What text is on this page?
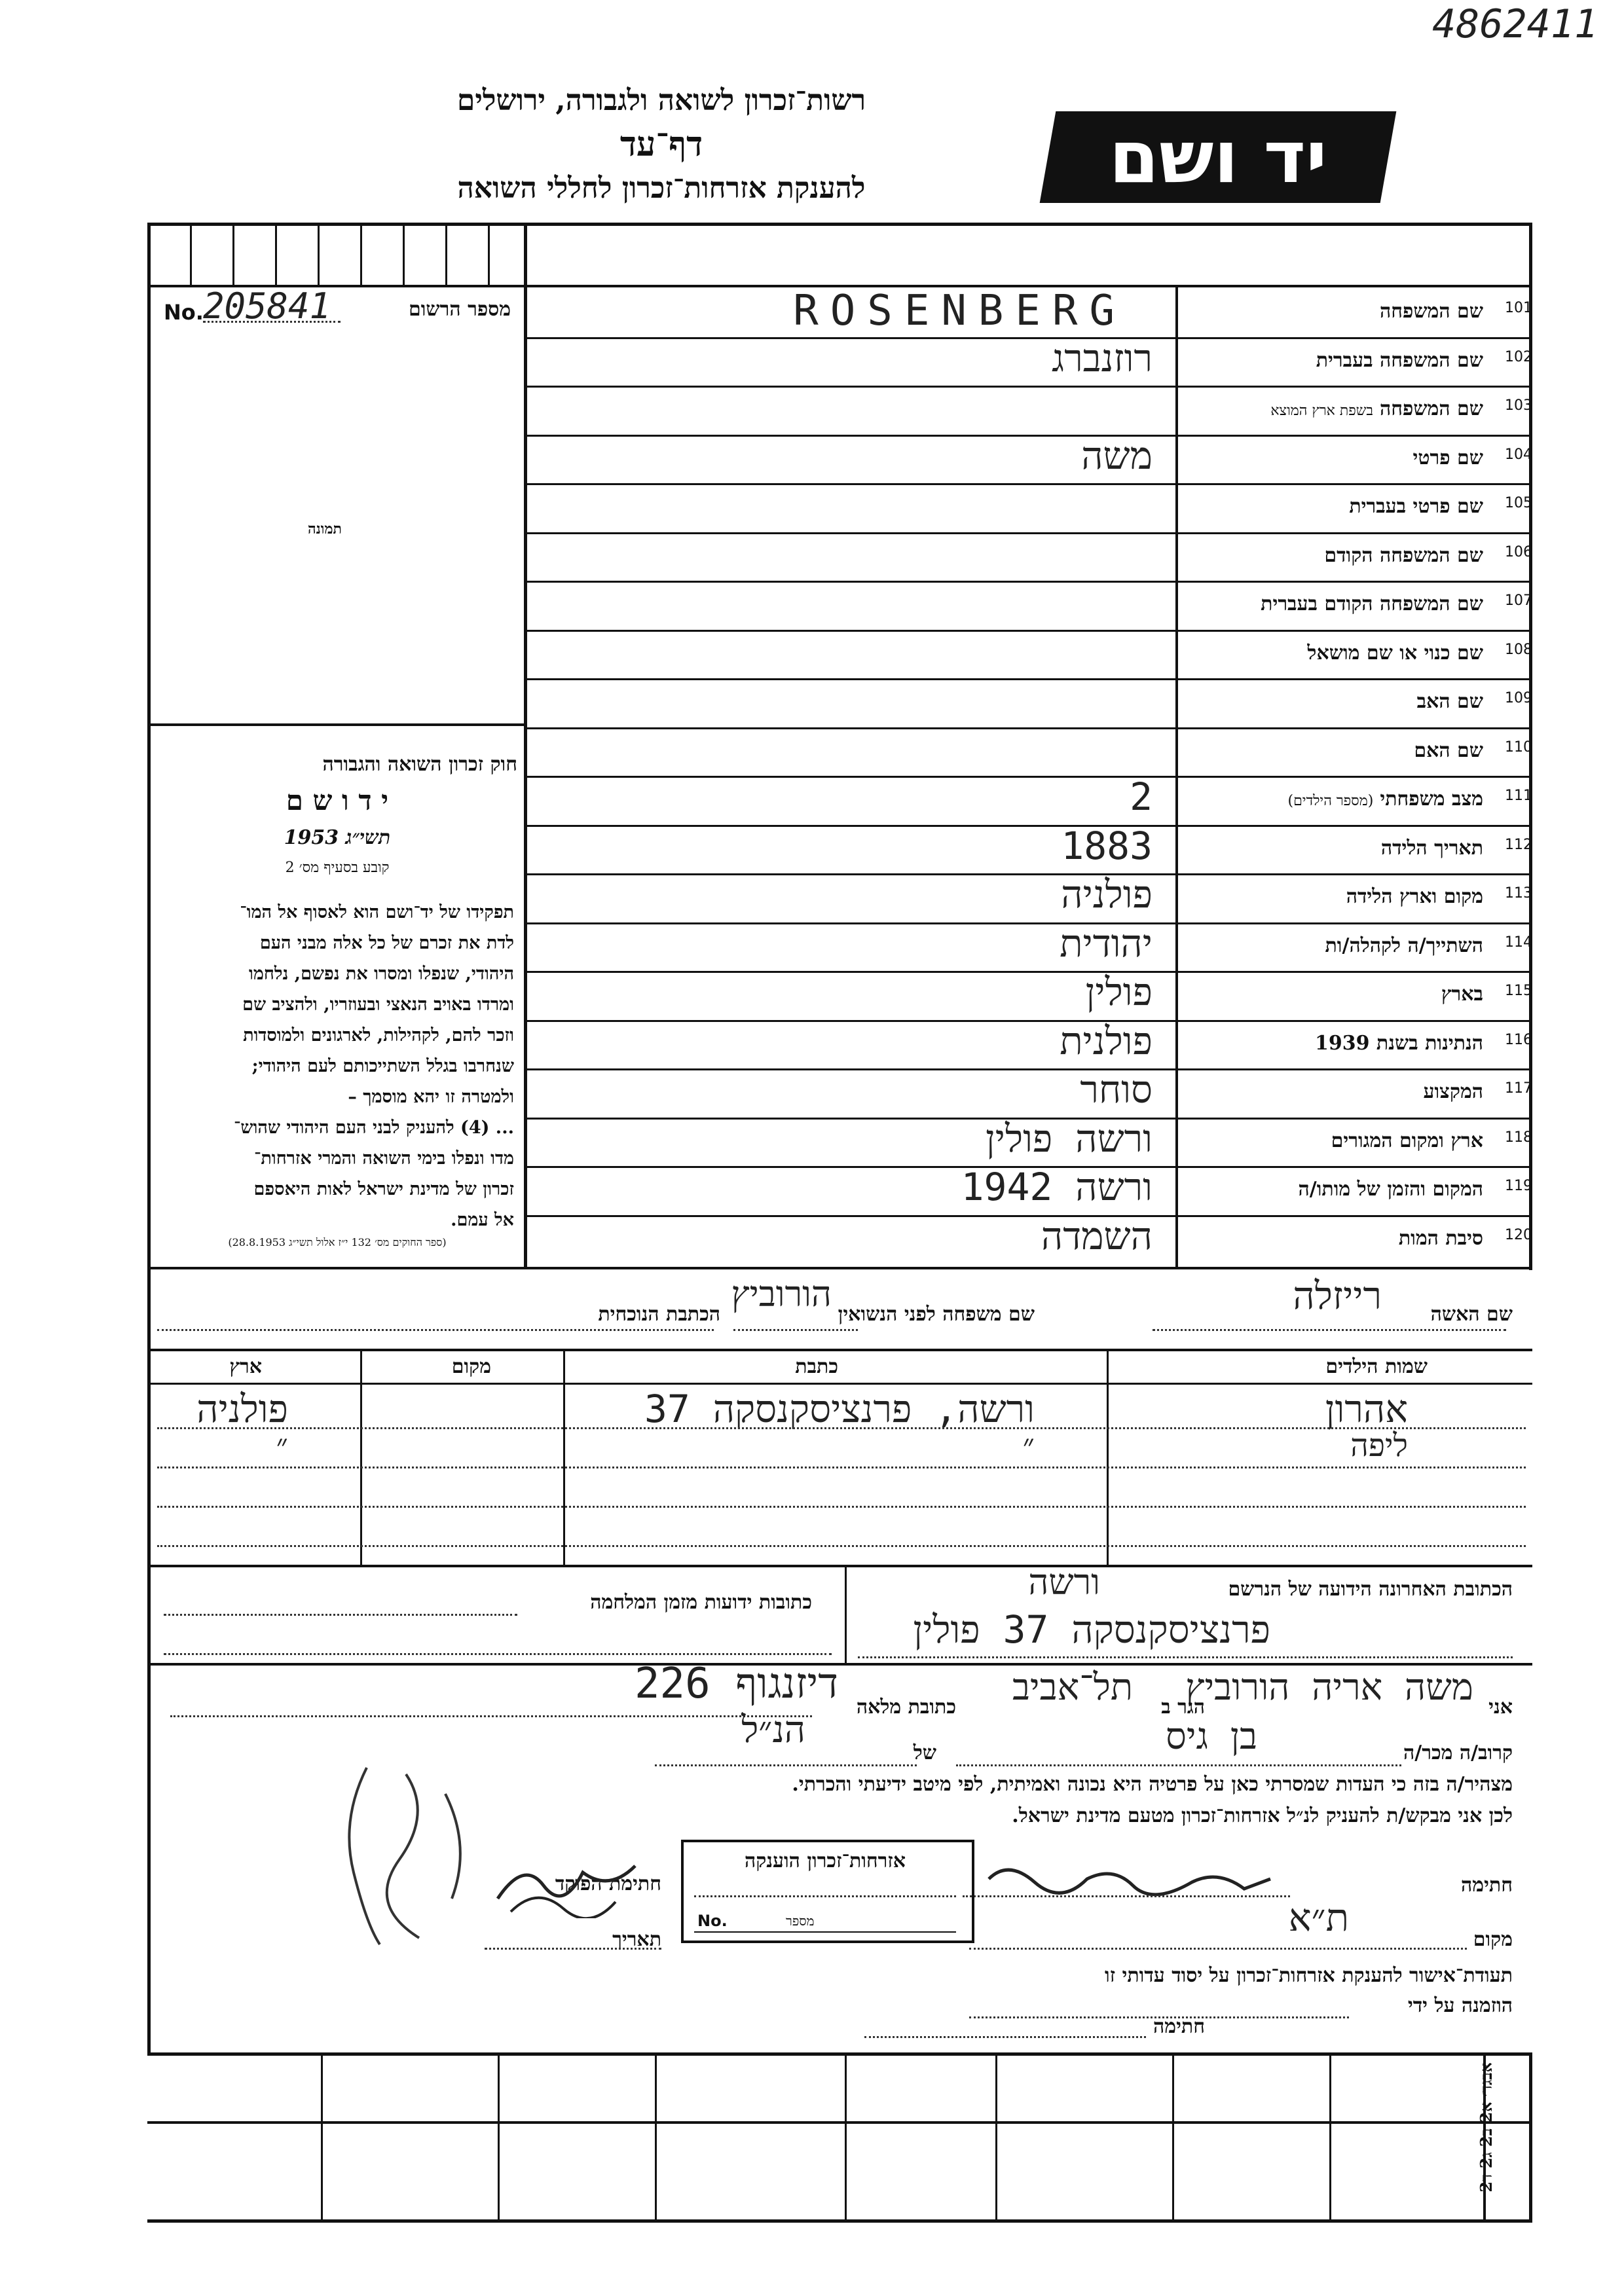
4862411
רשות־זכרון לשואה ולגבורה, ירושלים
דף־עד
להענקת אזרחות־זכרון לחללי השואה	יד ושם
מספר הרשום
No. 205841
תמונה
חוק זכרון השואה והגבורה
י ד ו ש ם
תשי״ג 1953
קובע בסעיף מס׳ 2
תפקידו של יד־ושם הוא לאסוף אל המו־
לדת את זכרם של כל אלה מבני העם
היהודי, שנפלו ומסרו את נפשם, נלחמו
ומרדו באויב הנאצי ובעוזריו, ולהציב שם
וזכר להם, לקהילות, לארגונים ולמוסדות
שנחרבו בגלל השתייכותם לעם היהודי;
ולמטרה זו יהא מוסמך –
... (4) להעניק לבני העם היהודי שהוש־
מדו ונפלו בימי השואה והמרי אזרחות־
זכרון של מדינת ישראל לאות היאספם
אל עמם.
(ספר החוקים מס׳ 132 י״ז אלול תשי״ג 28.8.1953)
101
שם המשפחה
ROSENBERG
102
שם המשפחה בעברית
רוזנברג
103
שם המשפחהבשפת ארץ המוצא
104
שם פרטי
משה
105
שם פרטי בעברית
106
שם המשפחה הקודם
107
שם המשפחה הקודם בעברית
108
שם כנוי או שם מושאל
109
שם האב
110
שם האם
111
מצב משפחתי(מספר הילדים)
2
112
תאריך הלידה
1883
113
מקום וארץ הלידה
פולניה
114
השתייך/ה לקהלה/ות
יהודית
115
בארץ
פולין
116
הנתינות בשנת 1939
פולנית
117
המקצוע
סוחר
118
ארץ ומקום המגורים
ורשה פולין
119
המקום והזמן של מותו/ה
ורשה 1942
120
סיבת המות
השמדה
שם האשה
רייזלה
שם משפחה לפני הנשואין
הורוביץ
הכתבת הנוכחית
שמות הילדים
כתבת
מקום
ארץ
אהרון
ורשה, פרנציסקנסקה 37
פולניה
ליפה
״
״
הכתובת האחרונה הידועה של הנרשם
ורשה
פרנציסקנסקה 37 פולין
כתובות ידועות מזמן המלחמה
אני
משה אריה הורוביץ
הגר ב
תל־אביב
כתובת מלאה
דיזנגוף 226
קרוב/ה מכר/ה
בן גיס
של
הנ״ל
מצהיר/ה בזה כי העדות שמסרתי כאן על פרטיה היא נכונה ואמיתית, לפי מיטב ידיעתי והכרתי.
לכן אני מבקש/ת להעניק לנ״ל אזרחות־זכרון מטעם מדינת ישראל.
חתימה
מקום
ת״א
אזרחות־זכרון הוענקה
No.	מספר
חתימת הפוקד
תאריך
תעודת־אישור להענקת אזרחות־זכרון על יסוד עדותי זו
הוזמנה על ידי
חתימה
אבגד׳ א2 ב2 ג2 ד2
